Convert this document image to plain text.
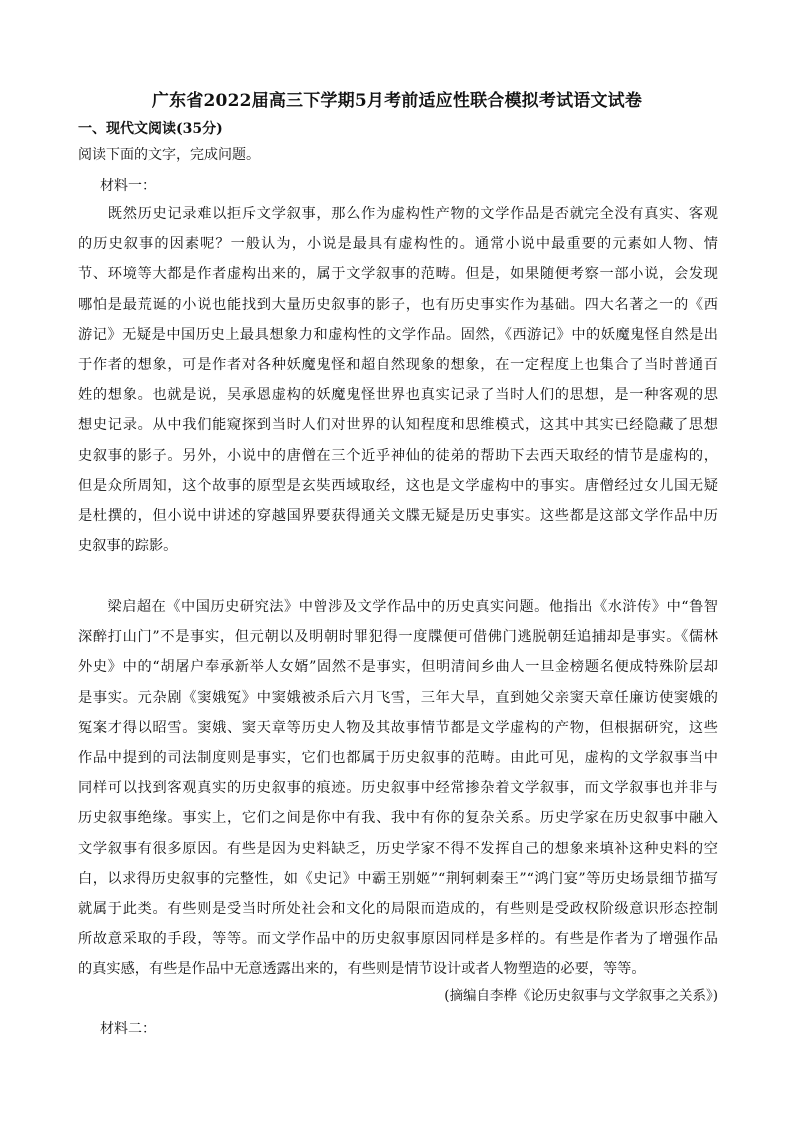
广东省2022届高三下学期5月考前适应性联合模拟考试语文试卷
一、现代文阅读(35分)
阅读下面的文字，完成问题。
材料一：
　　既然历史记录难以拒斥文学叙事，那么作为虚构性产物的文学作品是否就完全没有真实、客观
的历史叙事的因素呢？一般认为，小说是最具有虚构性的。通常小说中最重要的元素如人物、情
节、环境等大都是作者虚构出来的，属于文学叙事的范畴。但是，如果随便考察一部小说，会发现
哪怕是最荒诞的小说也能找到大量历史叙事的影子，也有历史事实作为基础。四大名著之一的《西
游记》无疑是中国历史上最具想象力和虚构性的文学作品。固然，《西游记》中的妖魔鬼怪自然是出
于作者的想象，可是作者对各种妖魔鬼怪和超自然现象的想象，在一定程度上也集合了当时普通百
姓的想象。也就是说，吴承恩虚构的妖魔鬼怪世界也真实记录了当时人们的思想，是一种客观的思
想史记录。从中我们能窥探到当时人们对世界的认知程度和思维模式，这其中其实已经隐藏了思想
史叙事的影子。另外，小说中的唐僧在三个近乎神仙的徒弟的帮助下去西天取经的情节是虚构的，
但是众所周知，这个故事的原型是玄奘西域取经，这也是文学虚构中的事实。唐僧经过女儿国无疑
是杜撰的，但小说中讲述的穿越国界要获得通关文牒无疑是历史事实。这些都是这部文学作品中历
史叙事的踪影。
　　梁启超在《中国历史研究法》中曾涉及文学作品中的历史真实问题。他指出《水浒传》中“鲁智
深醉打山门”不是事实，但元朝以及明朝时罪犯得一度牒便可借佛门逃脱朝廷追捕却是事实。《儒林
外史》中的“胡屠户奉承新举人女婿”固然不是事实，但明清间乡曲人一旦金榜题名便成特殊阶层却
是事实。元杂剧《窦娥冤》中窦娥被杀后六月飞雪，三年大旱，直到她父亲窦天章任廉访使窦娥的
冤案才得以昭雪。窦娥、窦天章等历史人物及其故事情节都是文学虚构的产物，但根据研究，这些
作品中提到的司法制度则是事实，它们也都属于历史叙事的范畴。由此可见，虚构的文学叙事当中
同样可以找到客观真实的历史叙事的痕迹。历史叙事中经常掺杂着文学叙事，而文学叙事也并非与
历史叙事绝缘。事实上，它们之间是你中有我、我中有你的复杂关系。历史学家在历史叙事中融入
文学叙事有很多原因。有些是因为史料缺乏，历史学家不得不发挥自己的想象来填补这种史料的空
白，以求得历史叙事的完整性，如《史记》中霸王别姬”“荆轲刺秦王”“鸿门宴”等历史场景细节描写
就属于此类。有些则是受当时所处社会和文化的局限而造成的，有些则是受政权阶级意识形态控制
所故意采取的手段，等等。而文学作品中的历史叙事原因同样是多样的。有些是作者为了增强作品
的真实感，有些是作品中无意透露出来的，有些则是情节设计或者人物塑造的必要，等等。
(摘编自李桦《论历史叙事与文学叙事之关系》)
材料二：
